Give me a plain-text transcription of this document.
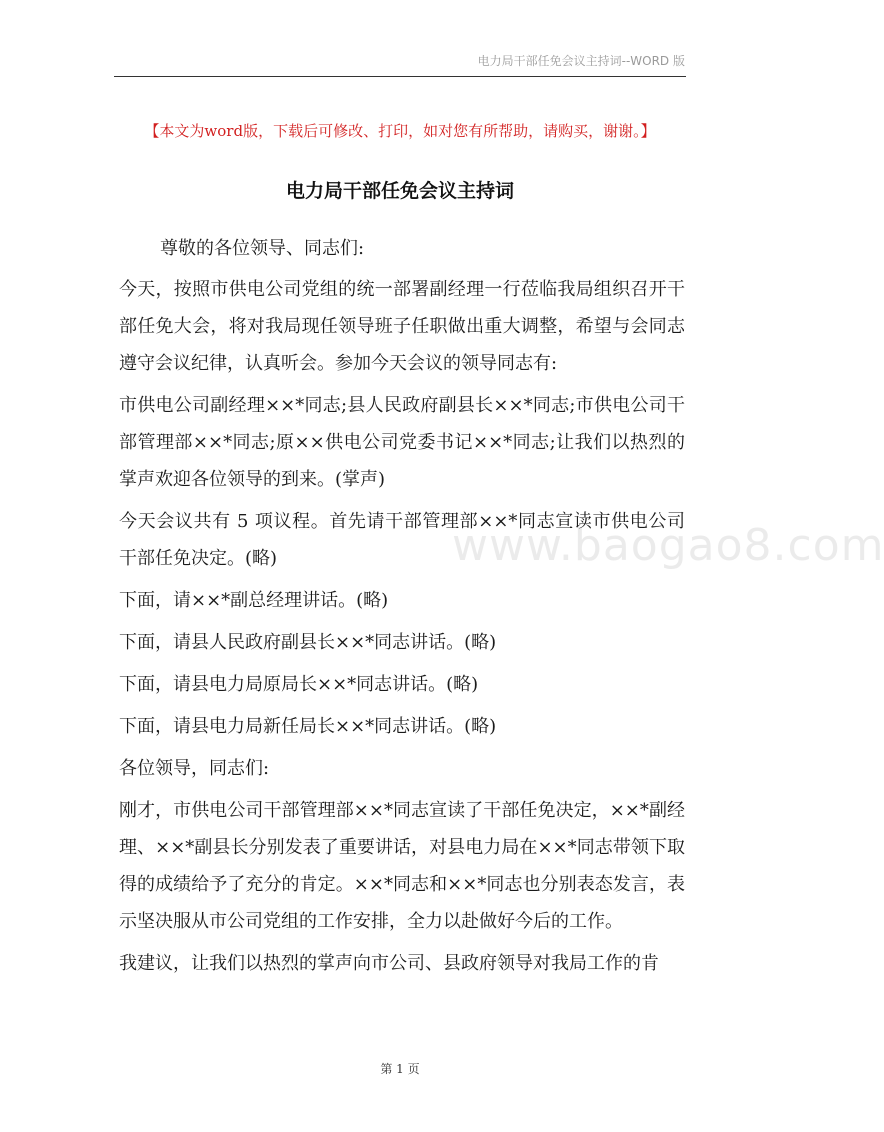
电力局干部任免会议主持词--WORD 版
【本文为word版，下载后可修改、打印，如对您有所帮助，请购买，谢谢。】
电力局干部任免会议主持词
www.baogao8.com

尊敬的各位领导、同志们:

今天，按照市供电公司党组的统一部署副经理一行莅临我局组织召开干部任免大会，将对我局现任领导班子任职做出重大调整，希望与会同志遵守会议纪律，认真听会。参加今天会议的领导同志有:

市供电公司副经理××*同志;县人民政府副县长××*同志;市供电公司干部管理部××*同志;原××供电公司党委书记××*同志;让我们以热烈的掌声欢迎各位领导的到来。(掌声)

今天会议共有 5 项议程。首先请干部管理部××*同志宣读市供电公司干部任免决定。(略)

下面，请××*副总经理讲话。(略)

下面，请县人民政府副县长××*同志讲话。(略)

下面，请县电力局原局长××*同志讲话。(略)

下面，请县电力局新任局长××*同志讲话。(略)

各位领导，同志们:

刚才，市供电公司干部管理部××*同志宣读了干部任免决定，××*副经理、××*副县长分别发表了重要讲话，对县电力局在××*同志带领下取得的成绩给予了充分的肯定。××*同志和××*同志也分别表态发言，表示坚决服从市公司党组的工作安排，全力以赴做好今后的工作。

我建议，让我们以热烈的掌声向市公司、县政府领导对我局工作的肯

第 1 页
